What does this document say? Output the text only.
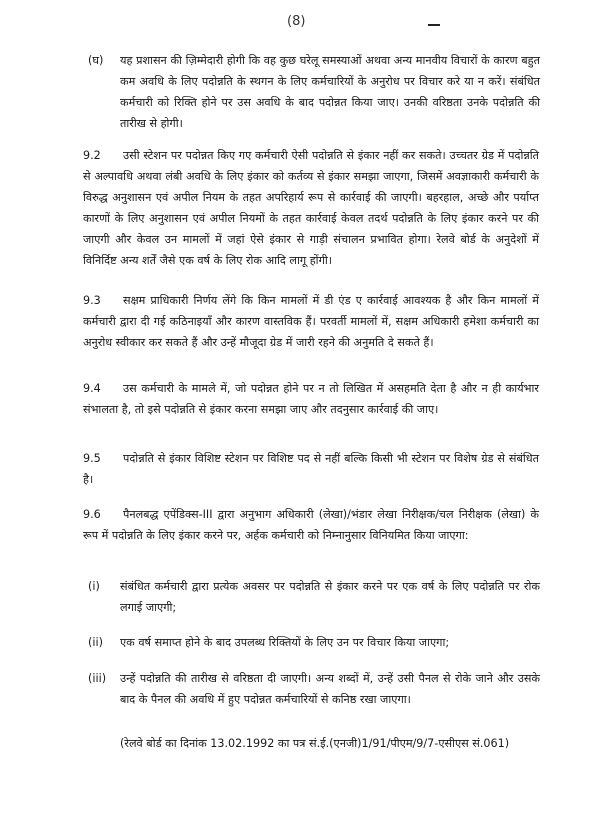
(8)
(घ) यह प्रशासन की ज़िम्मेदारी होगी कि वह कुछ घरेलू समस्याओं अथवा अन्य मानवीय विचारों के कारण बहुत कम अवधि के लिए पदोन्नति के स्थगन के लिए कर्मचारियों के अनुरोध पर विचार करे या न करें। संबंधित कर्मचारी को रिक्ति होने पर उस अवधि के बाद पदोन्नत किया जाए। उनकी वरिष्ठता उनके पदोन्नति की तारीख से होगी।
9.2 उसी स्टेशन पर पदोन्नत किए गए कर्मचारी ऐसी पदोन्नति से इंकार नहीं कर सकते। उच्चतर ग्रेड में पदोन्नति से अल्पावधि अथवा लंबी अवधि के लिए इंकार को कर्तव्य से इंकार समझा जाएगा, जिसमें अवज्ञाकारी कर्मचारी के विरुद्ध अनुशासन एवं अपील नियम के तहत अपरिहार्य रूप से कार्रवाई की जाएगी। बहरहाल, अच्छे और पर्याप्त कारणों के लिए अनुशासन एवं अपील नियमों के तहत कार्रवाई केवल तदर्थ पदोन्नति के लिए इंकार करने पर की जाएगी और केवल उन मामलों में जहां ऐसे इंकार से गाड़ी संचालन प्रभावित होगा। रेलवे बोर्ड के अनुदेशों में विनिर्दिष्ट अन्य शर्तें जैसे एक वर्ष के लिए रोक आदि लागू होंगी।
9.3 सक्षम प्राधिकारी निर्णय लेंगे कि किन मामलों में डी एंड ए कार्रवाई आवश्यक है और किन मामलों में कर्मचारी द्वारा दी गई कठिनाइयाँ और कारण वास्तविक हैं। परवर्ती मामलों में, सक्षम अधिकारी हमेशा कर्मचारी का अनुरोध स्वीकार कर सकते हैं और उन्हें मौजूदा ग्रेड में जारी रहने की अनुमति दे सकते हैं।
9.4 उस कर्मचारी के मामले में, जो पदोन्नत होने पर न तो लिखित में असहमति देता है और न ही कार्यभार संभालता है, तो इसे पदोन्नति से इंकार करना समझा जाए और तदनुसार कार्रवाई की जाए।
9.5 पदोन्नति से इंकार विशिष्ट स्टेशन पर विशिष्ट पद से नहीं बल्कि किसी भी स्टेशन पर विशेष ग्रेड से संबंधित है।
9.6 पैनलबद्ध एपेंडिक्स-III द्वारा अनुभाग अधिकारी (लेखा)/भंडार लेखा निरीक्षक/चल निरीक्षक (लेखा) के रूप में पदोन्नति के लिए इंकार करने पर, अर्हक कर्मचारी को निम्नानुसार विनियमित किया जाएगा:
(i) संबंधित कर्मचारी द्वारा प्रत्येक अवसर पर पदोन्नति से इंकार करने पर एक वर्ष के लिए पदोन्नति पर रोक लगाई जाएगी;
(ii) एक वर्ष समाप्त होने के बाद उपलब्ध रिक्तियों के लिए उन पर विचार किया जाएगा;
(iii) उन्हें पदोन्नति की तारीख से वरिष्ठता दी जाएगी। अन्य शब्दों में, उन्हें उसी पैनल से रोके जाने और उसके बाद के पैनल की अवधि में हुए पदोन्नत कर्मचारियों से कनिष्ठ रखा जाएगा।
(रेलवे बोर्ड का दिनांक 13.02.1992 का पत्र सं.ई.(एनजी)1/91/पीएम/9/7-एसीएस सं.061)
